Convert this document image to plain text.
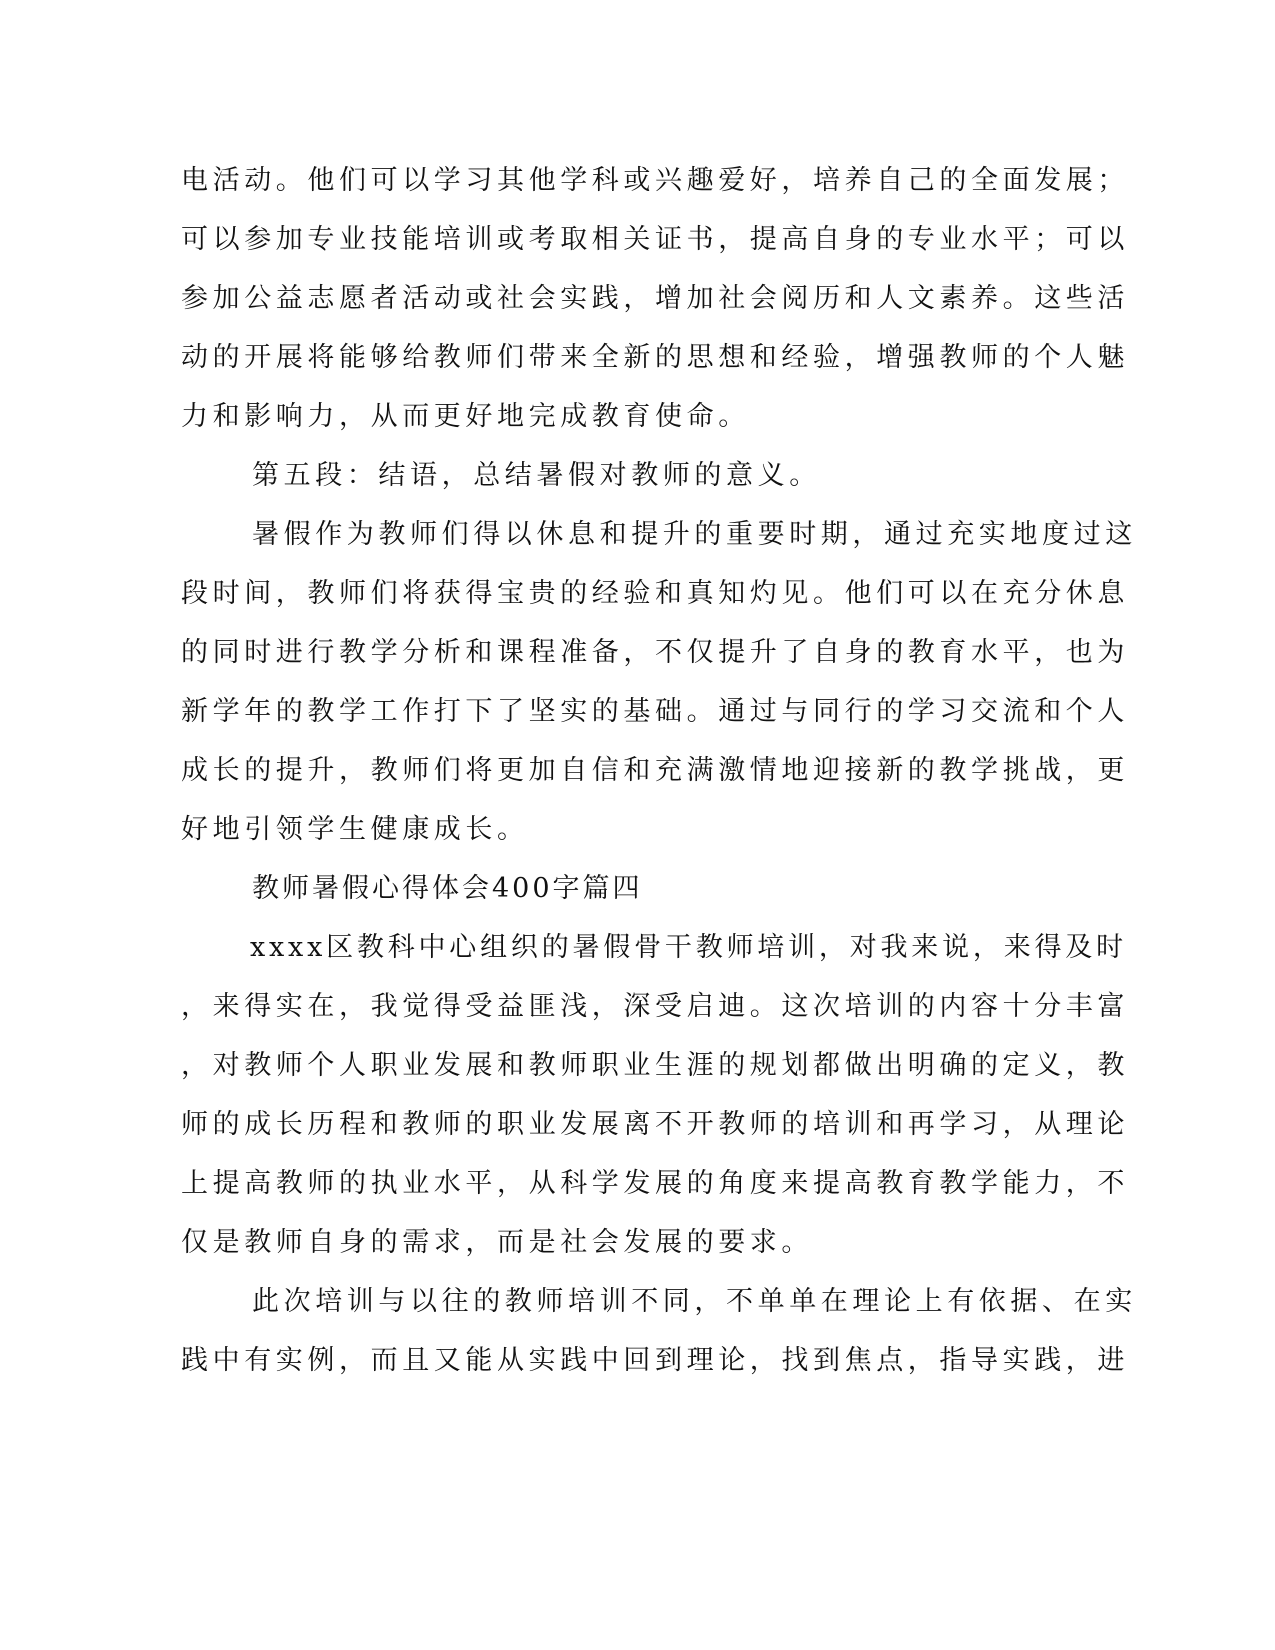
电活动。他们可以学习其他学科或兴趣爱好，培养自己的全面发展；
可以参加专业技能培训或考取相关证书，提高自身的专业水平；可以
参加公益志愿者活动或社会实践，增加社会阅历和人文素养。这些活
动的开展将能够给教师们带来全新的思想和经验，增强教师的个人魅
力和影响力，从而更好地完成教育使命。
第五段：结语，总结暑假对教师的意义。
暑假作为教师们得以休息和提升的重要时期，通过充实地度过这
段时间，教师们将获得宝贵的经验和真知灼见。他们可以在充分休息
的同时进行教学分析和课程准备，不仅提升了自身的教育水平，也为
新学年的教学工作打下了坚实的基础。通过与同行的学习交流和个人
成长的提升，教师们将更加自信和充满激情地迎接新的教学挑战，更
好地引领学生健康成长。
教师暑假心得体会400字篇四
xxxx区教科中心组织的暑假骨干教师培训，对我来说，来得及时
，来得实在，我觉得受益匪浅，深受启迪。这次培训的内容十分丰富
，对教师个人职业发展和教师职业生涯的规划都做出明确的定义，教
师的成长历程和教师的职业发展离不开教师的培训和再学习，从理论
上提高教师的执业水平，从科学发展的角度来提高教育教学能力，不
仅是教师自身的需求，而是社会发展的要求。
此次培训与以往的教师培训不同，不单单在理论上有依据、在实
践中有实例，而且又能从实践中回到理论，找到焦点，指导实践，进
